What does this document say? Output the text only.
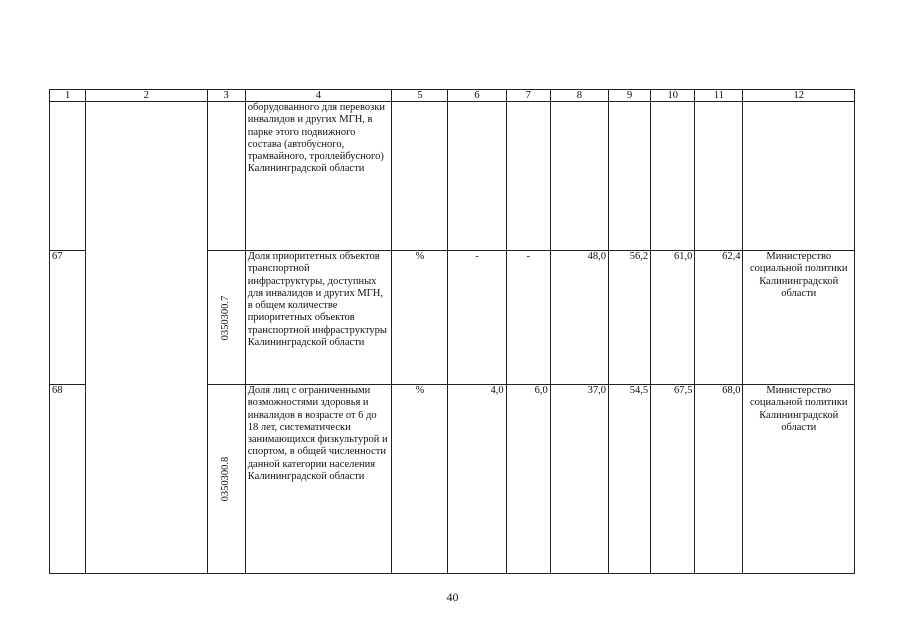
1	2	3	4	5	6	7	8	9	10	11	12
			оборудованного для перевозки инвалидов и других МГН, в парке этого подвижного состава (автобусного, трамвайного, троллейбусного) Калининградской области								
67		0350300.7	Доля приоритетных объектов транспортной инфраструктуры, доступных для инвалидов и других МГН, в общем количестве приоритетных объектов транспортной инфраструктуры Калининградской области	%	-	-	48,0	56,2	61,0	62,4	Министерство социальной политики Калининградской области
68		0350300.8	Доля лиц с ограниченными возможностями здоровья и инвалидов в возрасте от 6 до 18 лет, систематически занимающихся физкультурой и спортом, в общей численности данной категории населения Калининградской области	%	4,0	6,0	37,0	54,5	67,5	68,0	Министерство социальной политики Калининградской области
40
